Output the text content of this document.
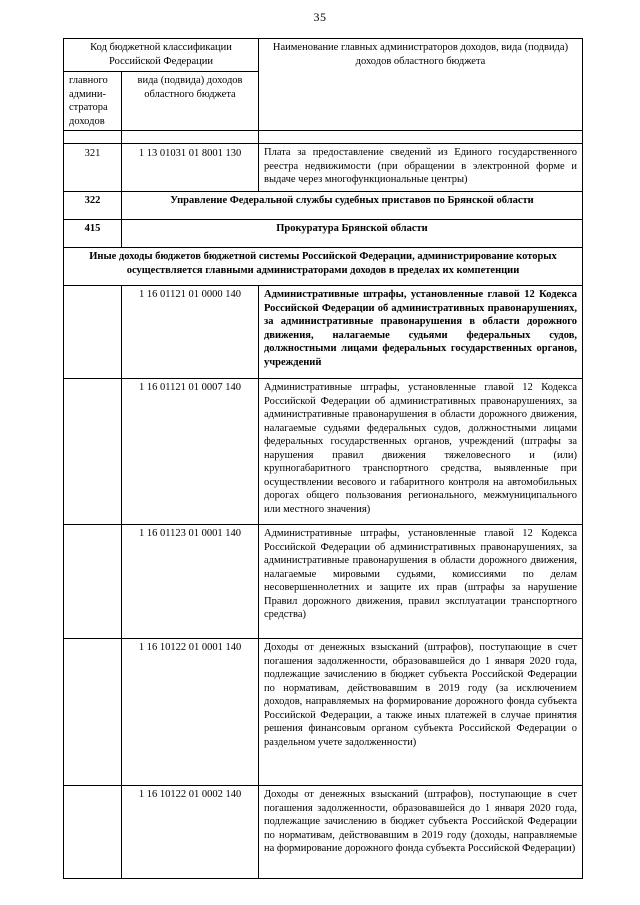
35
Код бюджетной классификации Российской Федерации		Наименование главных администраторов доходов, вида (подвида) доходов областного бюджета
главного админи-стратора доходов	вида (подвида) доходов областного бюджета	

321	1 13 01031 01 8001 130	Плата за предоставление сведений из Единого государственного реестра недвижимости (при обращении в электронной форме и выдаче через многофункциональные центры)
322	Управление Федеральной службы судебных приставов по Брянской области	
415	Прокуратура Брянской области	
Иные доходы бюджетов бюджетной системы Российской Федерации, администрирование которых осуществляется главными администраторами доходов в пределах их компетенции		
	1 16 01121 01 0000 140	Административные штрафы, установленные главой 12 Кодекса Российской Федерации об административных правонарушениях, за административные правонарушения в области дорожного движения, налагаемые судьями федеральных судов, должностными лицами федеральных государственных органов, учреждений
	1 16 01121 01 0007 140	Административные штрафы, установленные главой 12 Кодекса Российской Федерации об административных правонарушениях, за административные правонарушения в области дорожного движения, налагаемые судьями федеральных судов, должностными лицами федеральных государственных органов, учреждений (штрафы за нарушения правил движения тяжеловесного и (или) крупногабаритного транспортного средства, выявленные при осуществлении весового и габаритного контроля на автомобильных дорогах общего пользования регионального, межмуниципального или местного значения)
	1 16 01123 01 0001 140	Административные штрафы, установленные главой 12 Кодекса Российской Федерации об административных правонарушениях, за административные правонарушения в области дорожного движения, налагаемые мировыми судьями, комиссиями по делам несовершеннолетних и защите их прав (штрафы за нарушение Правил дорожного движения, правил эксплуатации транспортного средства)
	1 16 10122 01 0001 140	Доходы от денежных взысканий (штрафов), поступающие в счет погашения задолженности, образовавшейся до 1 января 2020 года, подлежащие зачислению в бюджет субъекта Российской Федерации по нормативам, действовавшим в 2019 году (за исключением доходов, направляемых на формирование дорожного фонда субъекта Российской Федерации, а также иных платежей в случае принятия решения финансовым органом субъекта Российской Федерации о раздельном учете задолженности)
	1 16 10122 01 0002 140	Доходы от денежных взысканий (штрафов), поступающие в счет погашения задолженности, образовавшейся до 1 января 2020 года, подлежащие зачислению в бюджет субъекта Российской Федерации по нормативам, действовавшим в 2019 году (доходы, направляемые на формирование дорожного фонда субъекта Российской Федерации)
